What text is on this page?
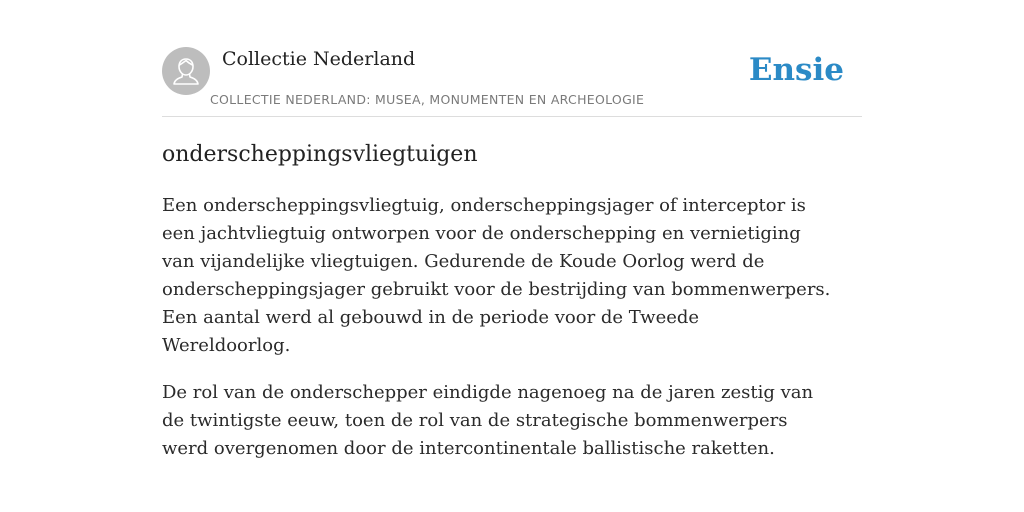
Collectie Nederland
COLLECTIE NEDERLAND: MUSEA, MONUMENTEN EN ARCHEOLOGIE
Ensie
onderscheppingsvliegtuigen

Een onderscheppingsvliegtuig, onderscheppingsjager of interceptor is een jachtvliegtuig ontworpen voor de onderschepping en vernietiging van vijandelijke vliegtuigen. Gedurende de Koude Oorlog werd de onderscheppingsjager gebruikt voor de bestrijding van bommenwerpers. Een aantal werd al gebouwd in de periode voor de Tweede Wereldoorlog.

De rol van de onderschepper eindigde nagenoeg na de jaren zestig van de twintigste eeuw, toen de rol van de strategische bommenwerpers werd overgenomen door de intercontinentale ballistische raketten.
